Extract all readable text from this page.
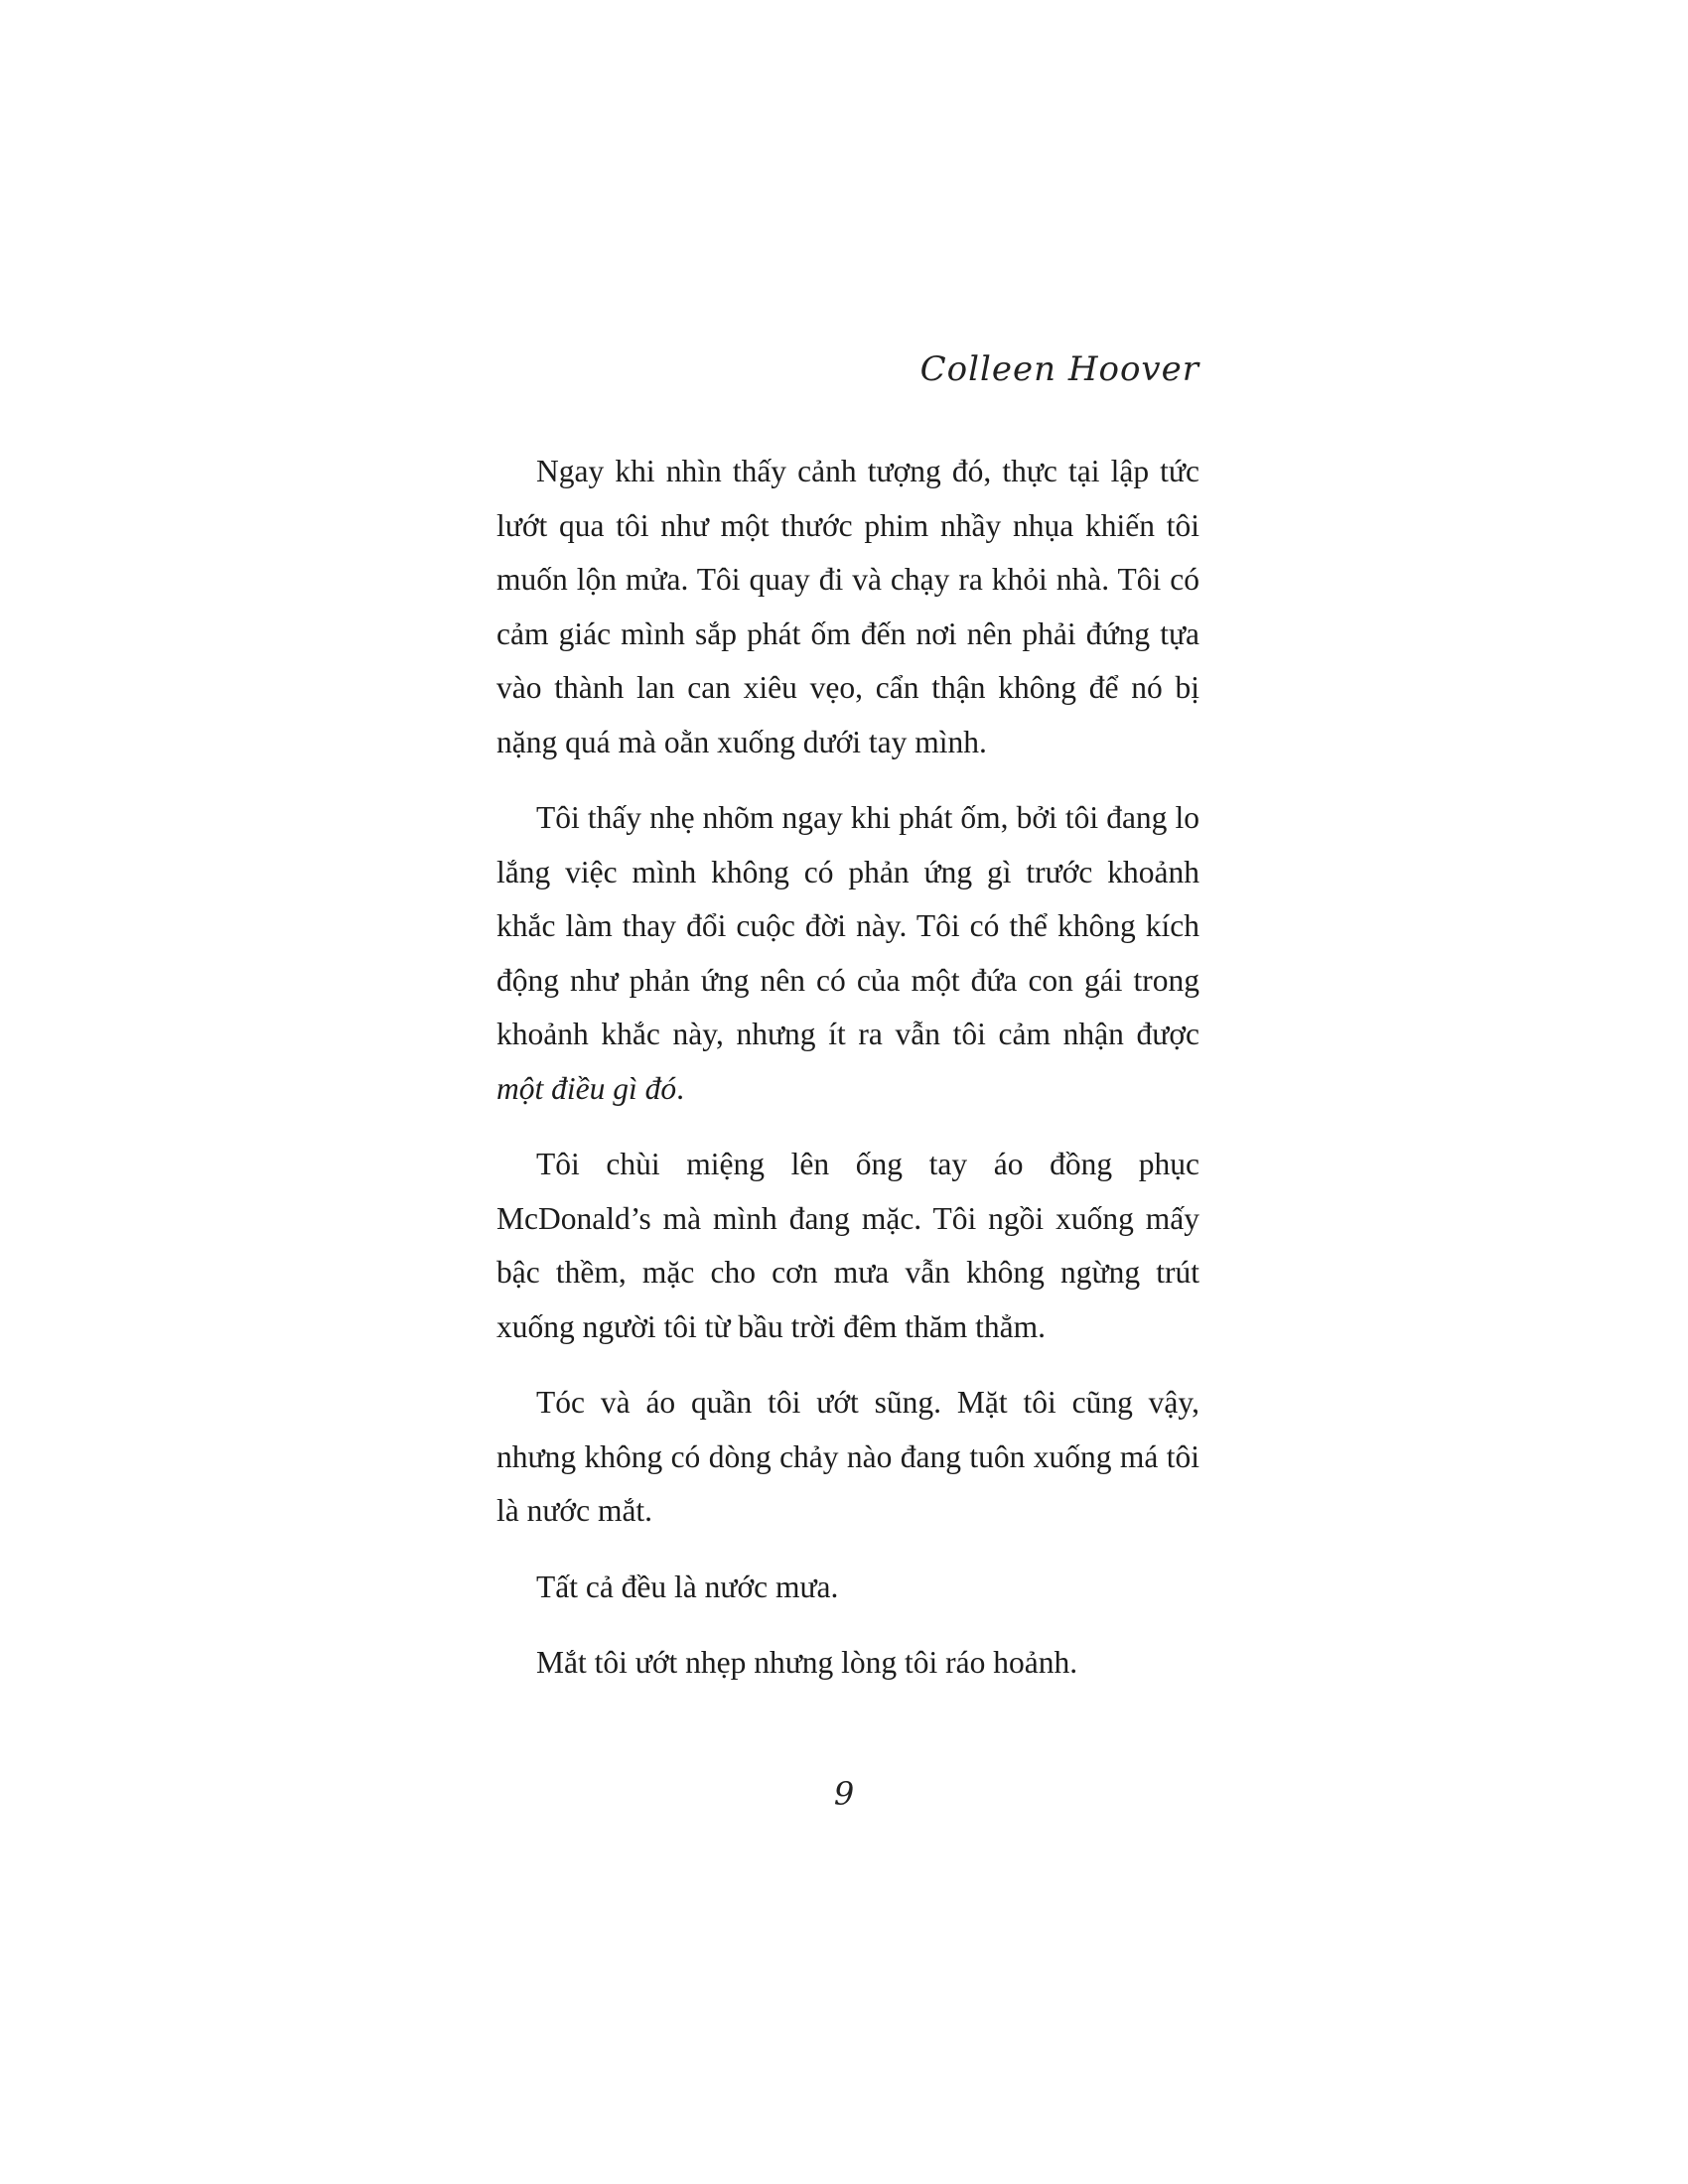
Colleen Hoover

Ngay khi nhìn thấy cảnh tượng đó, thực tại lập tức lướt qua tôi như một thước phim nhầy nhụa khiến tôi muốn lộn mửa. Tôi quay đi và chạy ra khỏi nhà. Tôi có cảm giác mình sắp phát ốm đến nơi nên phải đứng tựa vào thành lan can xiêu vẹo, cẩn thận không để nó bị nặng quá mà oằn xuống dưới tay mình.

Tôi thấy nhẹ nhõm ngay khi phát ốm, bởi tôi đang lo lắng việc mình không có phản ứng gì trước khoảnh khắc làm thay đổi cuộc đời này. Tôi có thể không kích động như phản ứng nên có của một đứa con gái trong khoảnh khắc này, nhưng ít ra vẫn tôi cảm nhận được một điều gì đó.

Tôi chùi miệng lên ống tay áo đồng phục McDonald’s mà mình đang mặc. Tôi ngồi xuống mấy bậc thềm, mặc cho cơn mưa vẫn không ngừng trút xuống người tôi từ bầu trời đêm thăm thẳm.

Tóc và áo quần tôi ướt sũng. Mặt tôi cũng vậy, nhưng không có dòng chảy nào đang tuôn xuống má tôi là nước mắt.

Tất cả đều là nước mưa.

Mắt tôi ướt nhẹp nhưng lòng tôi ráo hoảnh.

9
